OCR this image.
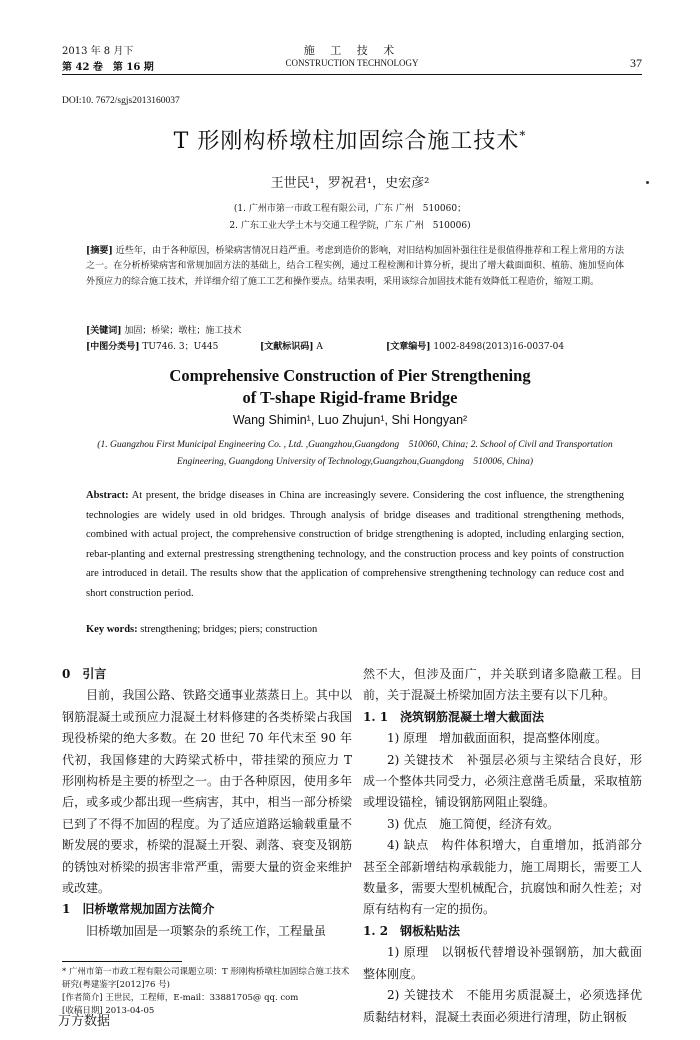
2013 年 8 月下
第 42 卷　第 16 期
施 工 技 术
CONSTRUCTION TECHNOLOGY	37
DOI:10. 7672/sgjs2013160037
T 形刚构桥墩柱加固综合施工技术*
王世民¹，罗祝君¹，史宏彦²
(1. 广州市第一市政工程有限公司，广东 广州　510060；
2. 广东工业大学土木与交通工程学院，广东 广州　510006)

[摘要] 近些年，由于各种原因，桥梁病害情况日趋严重。考虑到造价的影响，对旧结构加固补强往往是很值得推荐和工程上常用的方法之一。在分析桥梁病害和常规加固方法的基础上，结合工程实例，通过工程检测和计算分析，提出了增大截面面积、植筋、施加竖向体外预应力的综合施工技术，并详细介绍了施工工艺和操作要点。结果表明，采用该综合加固技术能有效降低工程造价，缩短工期。

[关键词] 加固；桥梁；墩柱；施工技术
[中图分类号] TU746. 3；U445	[文献标识码] A	[文章编号] 1002-8498(2013)16-0037-04
Comprehensive Construction of Pier Strengthening
of T-shape Rigid-frame Bridge
Wang Shimin¹, Luo Zhujun¹, Shi Hongyan²
(1. Guangzhou First Municipal Engineering Co. , Ltd. ,Guangzhou,Guangdong　510060, China; 2. School of Civil and Transportation Engineering, Guangdong University of Technology,Guangzhou,Guangdong　510006, China)

Abstract: At present, the bridge diseases in China are increasingly severe. Considering the cost influence, the strengthening technologies are widely used in old bridges. Through analysis of bridge diseases and traditional strengthening methods, combined with actual project, the comprehensive construction of bridge strengthening is adopted, including enlarging section, rebar-planting and external prestressing strengthening technology, and the construction process and key points of construction are introduced in detail. The results show that the application of comprehensive strengthening technology can reduce cost and short construction period.

Key words: strengthening; bridges; piers; construction

0　引言

目前，我国公路、铁路交通事业蒸蒸日上。其中以钢筋混凝土或预应力混凝土材料修建的各类桥梁占我国现役桥梁的绝大多数。在 20 世纪 70 年代末至 90 年代初，我国修建的大跨梁式桥中，带挂梁的预应力 T 形刚构桥是主要的桥型之一。由于各种原因，使用多年后，或多或少都出现一些病害，其中，相当一部分桥梁已到了不得不加固的程度。为了适应道路运输载重量不断发展的要求，桥梁的混凝土开裂、剥落、衰变及钢筋的锈蚀对桥梁的损害非常严重，需要大量的资金来维护或改建。

1　旧桥墩常规加固方法简介

旧桥墩加固是一项繁杂的系统工作，工程量虽

然不大，但涉及面广，并关联到诸多隐蔽工程。目前，关于混凝土桥梁加固方法主要有以下几种。

1. 1　浇筑钢筋混凝土增大截面法

1) 原理　增加截面面积，提高整体刚度。

2) 关键技术　补强层必须与主梁结合良好，形成一个整体共同受力，必须注意凿毛质量，采取植筋或埋设锚栓，铺设钢筋网阻止裂缝。

3) 优点　施工简便，经济有效。

4) 缺点　构件体积增大，自重增加，抵消部分甚至全部新增结构承载能力，施工周期长，需要工人数量多，需要大型机械配合，抗腐蚀和耐久性差；对原有结构有一定的损伤。

1. 2　钢板粘贴法

1) 原理　以钢板代替增设补强钢筋，加大截面整体刚度。

2) 关键技术　不能用劣质混凝土，必须选择优质黏结材料，混凝土表面必须进行清理，防止钢板

* 广州市第一市政工程有限公司课题立项：T 形刚构桥墩柱加固综合施工技术研究(粤建鉴字[2012]76 号)

[作者简介] 王世民，工程师，E-mail：33881705@ qq. com

[收稿日期] 2013-04-05

万方数据
